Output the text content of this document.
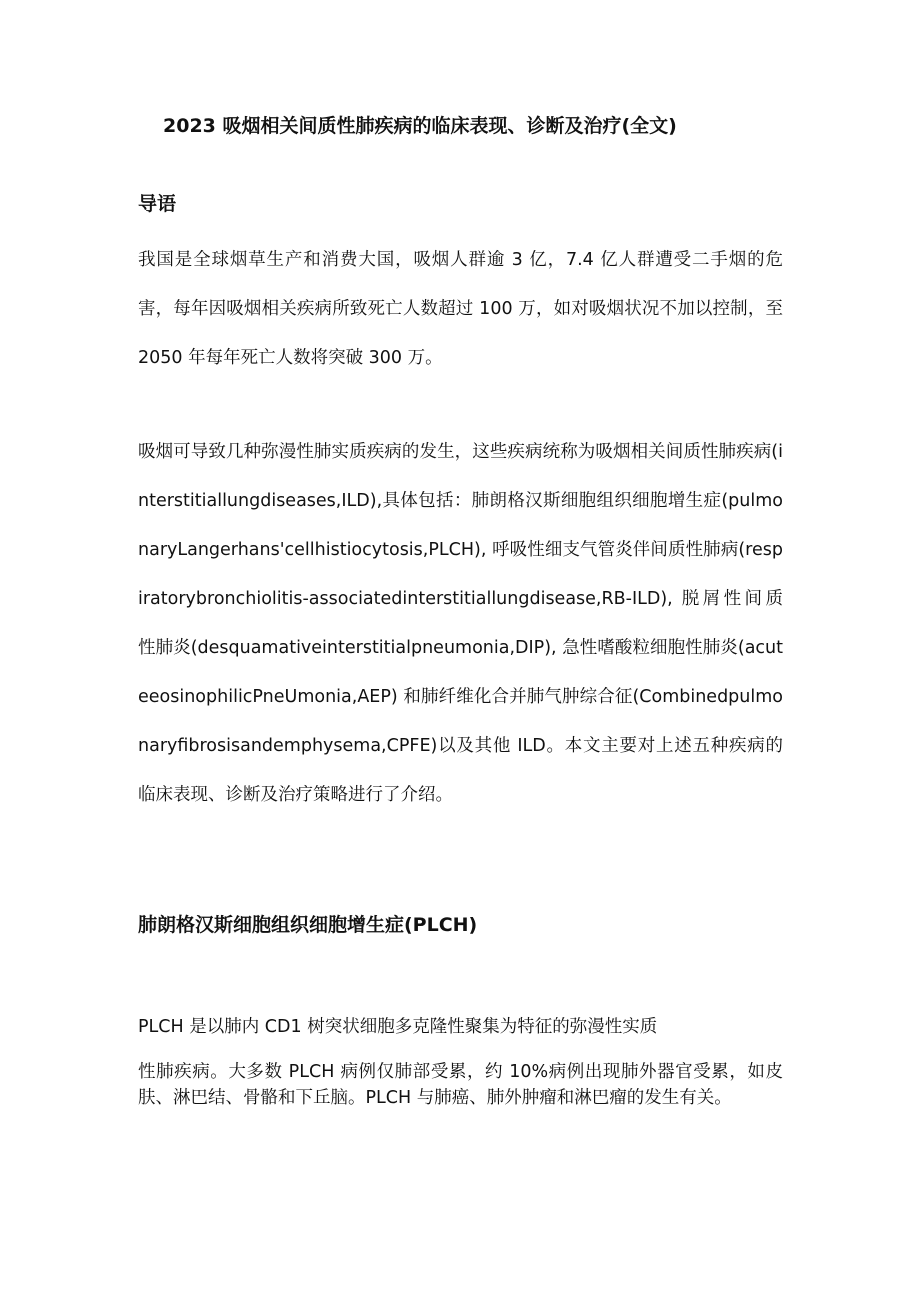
2023 吸烟相关间质性肺疾病的临床表现、诊断及治疗(全文)
导语

我国是全球烟草生产和消费大国，吸烟人群逾 3 亿，7.4 亿人群遭受二手烟的危害，每年因吸烟相关疾病所致死亡人数超过 100 万，如对吸烟状况不加以控制，至 2050 年每年死亡人数将突破 300 万。

吸烟可导致几种弥漫性肺实质疾病的发生，这些疾病统称为吸烟相关间质性肺疾病(interstitiallungdiseases,ILD),具体包括：肺朗格汉斯细胞组织细胞增生症(pulmonaryLangerhans'cellhistiocytosis,PLCH), 呼吸性细支气管炎伴间质性肺病(respiratorybronchiolitis-associatedinterstitiallungdisease,RB-ILD), 脱屑性间质性肺炎(desquamativeinterstitialpneumonia,DIP), 急性嗜酸粒细胞性肺炎(acuteeosinophilicPneUmonia,AEP) 和肺纤维化合并肺气肿综合征(Combinedpulmonaryfibrosisandemphysema,CPFE)以及其他 ILD。本文主要对上述五种疾病的临床表现、诊断及治疗策略进行了介绍。

肺朗格汉斯细胞组织细胞增生症(PLCH)

PLCH 是以肺内 CD1 树突状细胞多克隆性聚集为特征的弥漫性实质

性肺疾病。大多数 PLCH 病例仅肺部受累，约 10%病例出现肺外器官受累，如皮肤、淋巴结、骨骼和下丘脑。PLCH 与肺癌、肺外肿瘤和淋巴瘤的发生有关。
